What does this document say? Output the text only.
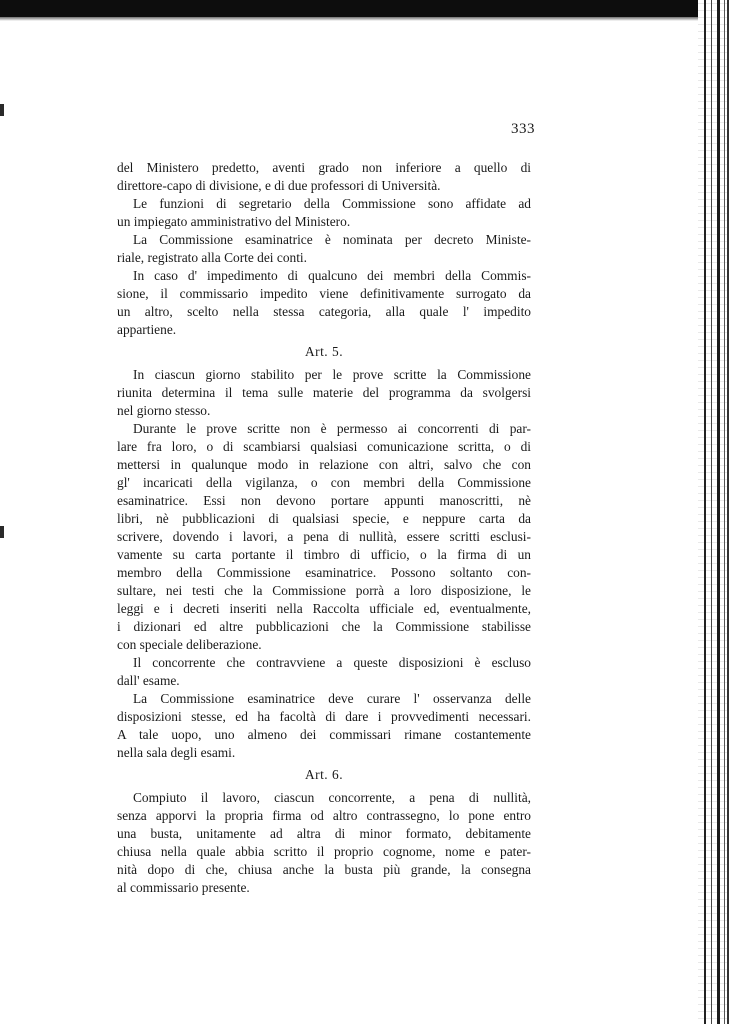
333
del Ministero predetto, aventi grado non inferiore a quello di
direttore-capo di divisione, e di due professori di Università.
Le funzioni di segretario della Commissione sono affidate ad
un impiegato amministrativo del Ministero.
La Commissione esaminatrice è nominata per decreto Ministe-
riale, registrato alla Corte dei conti.
In caso d' impedimento di qualcuno dei membri della Commis-
sione, il commissario impedito viene definitivamente surrogato da
un altro, scelto nella stessa categoria, alla quale l' impedito
appartiene.
Art. 5.
In ciascun giorno stabilito per le prove scritte la Commissione
riunita determina il tema sulle materie del programma da svolgersi
nel giorno stesso.
Durante le prove scritte non è permesso ai concorrenti di par-
lare fra loro, o di scambiarsi qualsiasi comunicazione scritta, o di
mettersi in qualunque modo in relazione con altri, salvo che con
gl' incaricati della vigilanza, o con membri della Commissione
esaminatrice. Essi non devono portare appunti manoscritti, nè
libri, nè pubblicazioni di qualsiasi specie, e neppure carta da
scrivere, dovendo i lavori, a pena di nullità, essere scritti esclusi-
vamente su carta portante il timbro di ufficio, o la firma di un
membro della Commissione esaminatrice. Possono soltanto con-
sultare, nei testi che la Commissione porrà a loro disposizione, le
leggi e i decreti inseriti nella Raccolta ufficiale ed, eventualmente,
i dizionari ed altre pubblicazioni che la Commissione stabilisse
con speciale deliberazione.
Il concorrente che contravviene a queste disposizioni è escluso
dall' esame.
La Commissione esaminatrice deve curare l' osservanza delle
disposizioni stesse, ed ha facoltà di dare i provvedimenti necessari.
A tale uopo, uno almeno dei commissari rimane costantemente
nella sala degli esami.
Art. 6.
Compiuto il lavoro, ciascun concorrente, a pena di nullità,
senza apporvi la propria firma od altro contrassegno, lo pone entro
una busta, unitamente ad altra di minor formato, debitamente
chiusa nella quale abbia scritto il proprio cognome, nome e pater-
nità dopo di che, chiusa anche la busta più grande, la consegna
al commissario presente.
